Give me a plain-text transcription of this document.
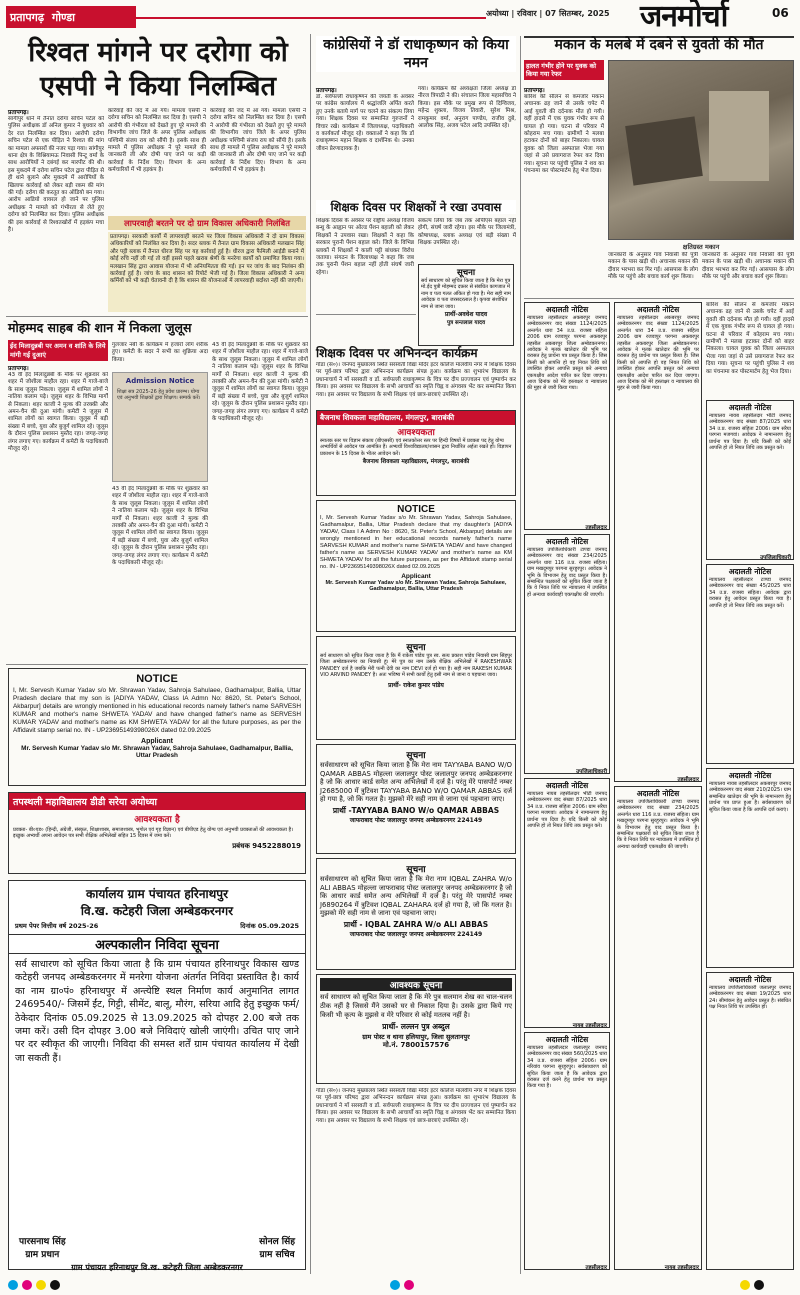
प्रतापगढ़ गोण्डा	अयोध्या | रविवार | 07 सितम्बर, 2025	जनमोर्चा	06
रिश्वत मांगने पर दरोगा को एसपी ने किया निलम्बित
प्रतापगढ़।
सांगीपुर थाने में तैनात दरोगा सचिन पटेल को पुलिस अधीक्षक डॉ अनिल कुमार ने बुधवार को देर रात निलम्बित कर दिया। आरोपी दरोगा सचिन पटेल से एक पीड़ित ने रिश्वत की मांग का मामला अफसरों की नजर पड़ा गया। सांगीपुर थाना क्षेत्र के विश्नियामऊ निवासी पिन्टू वर्मा के साथ आरोपियों ने दबंगई कर मारपीट की थी। इस मुकदमे में दरोगा सचिन पटेल द्वारा पीड़ित से ही थाने बुलाने और मुकदमे में आरोपियों के खिलाफ कार्रवाई को लेकर बड़ी रकम की मांग की गई। दरोगा की करतूत का ऑडियो बन गया। आरोप आडियो वायरल हो जाने पर पुलिस अधीक्षक ने मामले को गंभीरता से लेते हुए दरोगा को निलम्बित कर दिया। पुलिस अधीक्षक की इस कार्रवाई से रिश्वतखोरों में हड़कंप मचा है।
कार्रवाई की जद में आ गये। मामला एसपी ने दरोगा सचिन को निलम्बित कर दिया है। एसपी ने आरोपी की गंभीरता को देखते हुए पूरे मामले की विभागीय जांच जिले के अपर पुलिस अधीक्षक पश्चिमी संजय राय को सौंपी है। इसके साथ ही मामले में पुलिस अधीक्षक ने पूरे मामले की जानकारी ली और दोषी पाए जाने पर कड़ी कार्रवाई के निर्देश दिए। विभाग के अन्य कर्मचारियों में भी हड़कंप है।
कार्रवाई की जद में आ गये। मामला एसपी ने दरोगा सचिन को निलम्बित कर दिया है। एसपी ने आरोपी की गंभीरता को देखते हुए पूरे मामले की विभागीय जांच जिले के अपर पुलिस अधीक्षक पश्चिमी संजय राय को सौंपी है। इसके साथ ही मामले में पुलिस अधीक्षक ने पूरे मामले की जानकारी ली और दोषी पाए जाने पर कड़ी कार्रवाई के निर्देश दिए। विभाग के अन्य कर्मचारियों में भी हड़कंप है।
लापरवाही बरतने पर दो ग्राम विकास अधिकारी निलंबित
प्रतापगढ़। सरकारी कार्यों में लापरवाही बरतने पर जिला विकास अधिकारी ने दो ग्राम विकास अधिकारियों को निलंबित कर दिया है। सदर ब्लाक में तैनात ग्राम विकास अधिकारी मलखान सिंह और पट्टी ब्लाक में तैनात धीरज सिंह पर यह कार्रवाई हुई है। धीरज द्वारा फैमिली आईडी बनाने में कोई रुचि नहीं ली गई तो वहीं इससे पहले खराब श्रेणी के मनरेगा कार्यों को प्रमाणित किया गया। मलखान सिंह द्वारा आवास योजना में भी अनियमितता की गई। इन पर जांच के बाद निलंबन की कार्रवाई हुई है। जांच के बाद शासन को रिपोर्ट भेजी गई है। जिला विकास अधिकारी ने अन्य कर्मियों को भी कड़ी चेतावनी दी है कि शासन की योजनाओं में लापरवाही बर्दाश्त नहीं की जाएगी।
मोहम्मद साहब की शान में निकला जुलूस
ईद मिलादुन्नबी पर अमन व शांति के लिये मांगी गई दुआएं
प्रतापगढ़।
43 वीं ईद मिलादुन्नबी के मौके पर शुक्रवार को शहर में जोशीला माहौल रहा। शहर में गाजे-बाजे के साथ जुलूस निकला। जुलूस में शामिल लोगों ने नातिया कलाम पढ़े। जुलूस शहर के विभिन्न मार्गों से निकला। शहर काजी ने मुल्क की तरक्की और अमन-चैन की दुआ मांगी। कमेटी ने जुलूस में शामिल लोगों का स्वागत किया। जुलूस में बड़ी संख्या में बच्चे, युवा और बुजुर्ग शामिल रहे। जुलूस के दौरान पुलिस प्रशासन मुस्तैद रहा। जगह-जगह लंगर लगाए गए। कार्यक्रम में कमेटी के पदाधिकारी मौजूद रहे।
गुलजार नबी के कार्यक्रम में हजारों लोग शरीक हुए। कमेटी के सदर ने सभी का शुक्रिया अदा किया।
Admission Notice
शिक्षा सत्र 2025-26 हेतु प्रवेश प्रारम्भ। योग्य एवं अनुभवी शिक्षकों द्वारा शिक्षण। सम्पर्क करें।
43 वीं ईद मिलादुन्नबी के मौके पर शुक्रवार को शहर में जोशीला माहौल रहा। शहर में गाजे-बाजे के साथ जुलूस निकला। जुलूस में शामिल लोगों ने नातिया कलाम पढ़े। जुलूस शहर के विभिन्न मार्गों से निकला। शहर काजी ने मुल्क की तरक्की और अमन-चैन की दुआ मांगी। कमेटी ने जुलूस में शामिल लोगों का स्वागत किया। जुलूस में बड़ी संख्या में बच्चे, युवा और बुजुर्ग शामिल रहे। जुलूस के दौरान पुलिस प्रशासन मुस्तैद रहा। जगह-जगह लंगर लगाए गए। कार्यक्रम में कमेटी के पदाधिकारी मौजूद रहे।
43 वीं ईद मिलादुन्नबी के मौके पर शुक्रवार को शहर में जोशीला माहौल रहा। शहर में गाजे-बाजे के साथ जुलूस निकला। जुलूस में शामिल लोगों ने नातिया कलाम पढ़े। जुलूस शहर के विभिन्न मार्गों से निकला। शहर काजी ने मुल्क की तरक्की और अमन-चैन की दुआ मांगी। कमेटी ने जुलूस में शामिल लोगों का स्वागत किया। जुलूस में बड़ी संख्या में बच्चे, युवा और बुजुर्ग शामिल रहे। जुलूस के दौरान पुलिस प्रशासन मुस्तैद रहा। जगह-जगह लंगर लगाए गए। कार्यक्रम में कमेटी के पदाधिकारी मौजूद रहे।
NOTICE
I, Mr. Servesh Kumar Yadav s/o Mr. Shrawan Yadav, Sahroja Sahulaee, Gadhamalpur, Ballia, Uttar Pradesh declare that my son is [ADIYA YADAV, Class IA Admn No: 8620, St. Peter's School, Akbarpur] details are wrongly mentioned in his educational records namely father's name SARVESH KUMAR and mother's name SHWETA YADAV and have changed father's name as SERVESH KUMAR YADAV and mother's name as KM SHWETA YADAV for all the future purposes, as per the Affidavit stamp serial no. IN - UP23695149398026X dated 02.09.2025
Applicant
Mr. Servesh Kumar Yadav s/o Mr. Shrawan Yadav, Sahroja Sahulaee, Gadhamalpur, Ballia, Uttar Pradesh
तपस्थली महाविद्यालय डीडी सरेया अयोध्या
आवश्यकता है
प्रवक्ता- बी०एड० (हिन्दी, अंग्रेजी, संस्कृत, शिक्षाशास्त्र, समाजशास्त्र, भूगोल एवं गृह विज्ञान) एवं बीपीएड हेतु योग्य एवं अनुभवी प्रवक्ताओं की आवश्यकता है। इच्छुक अभ्यर्थी अपना आवेदन पत्र सभी शैक्षिक अभिलेखों सहित 15 दिवस में जमा करें।
प्रबंधक 9452288019
कार्यालय ग्राम पंचायत हरिनाथपुर
वि.ख. कटेहरी जिला अम्बेडकरनगर
प्रथम पेपर वित्तीय वर्ष 2025-26	दिनांक 05.09.2025
अल्पकालीन निविदा सूचना
सर्व साधारण को सूचित किया जाता है कि ग्राम पंचायत हरिनाथपुर विकास खण्ड कटेहरी जनपद अम्बेडकरनगर में मनरेगा योजना अंतर्गत निविदा प्रस्तावित है। कार्य का नाम ग्रा०पं० हरिनाथपुर में अन्त्येष्टि स्थल निर्माण कार्य अनुमानित लागत 2469540/- जिसमें ईंट, गिट्टी, सीमेंट, बालू, मौरंग, सरिया आदि हेतु इच्छुक फर्म/ठेकेदार दिनांक 05.09.2025 से 13.09.2025 को दोपहर 2.00 बजे तक जमा करें। उसी दिन दोपहर 3.00 बजे निविदाएं खोली जाएंगी। उचित पाए जाने पर दर स्वीकृत की जाएगी। निविदा की समस्त शर्तें ग्राम पंचायत कार्यालय में देखी जा सकती हैं।
पारसनाथ सिंह
ग्राम प्रधान
सोनल सिंह
ग्राम सचिव
ग्राम पंचायत हरिनाथपुर वि.ख. कटेहरी जिला अम्बेडकरनगर
कांग्रेसियों ने डॉ राधाकृष्णन को किया नमन
प्रतापगढ़।
डॉ. सर्वपल्ली राधाकृष्णन की जयंती के अवसर पर कांग्रेस कार्यालय में श्रद्धांजलि अर्पित करते हुए उनके बताये मार्ग पर चलने का संकल्प लिया गया। शिक्षक दिवस पर सम्मानित गुरुजनों ने विचार रखे। कार्यक्रम में जिलाध्यक्ष, पदाधिकारी व कार्यकर्ता मौजूद रहे। वक्ताओं ने कहा कि डॉ राधाकृष्णन महान शिक्षक व दार्शनिक थे। उनका जीवन प्रेरणादायक है।
गया। कार्यक्रम की अध्यक्षता जिला अध्यक्ष डॉ नीरज त्रिपाठी ने की। संचालन जिला महासचिव ने किया। इस मौके पर प्रमुख रूप से दिग्विजय, महेन्द्र शुक्ला, विजय तिवारी, सुरेश मिश्र, रामकुमार वर्मा, अनुराग पाण्डेय, राजीव दुबे, आलोक सिंह, अजय पटेल आदि उपस्थित रहे।
शिक्षक दिवस पर शिक्षकों ने रखा उपवास
शिक्षक दिवस के अवसर पर राष्ट्रीय अध्यक्ष विजय बन्धु के आह्वान पर ओल्ड पेंशन बहाली को लेकर शिक्षकों ने उपवास रखा। शिक्षकों ने कहा कि सरकार पुरानी पेंशन बहाल करे। जिले के विभिन्न ब्लाकों में शिक्षकों ने काली पट्टी बांधकर विरोध जताया। संगठन के जिलाध्यक्ष ने कहा कि जब तक पुरानी पेंशन बहाल नहीं होती संघर्ष जारी रहेगा।
संकल्प लिया कि जब तक ओपीएस बहाल नहीं होगी, संघर्ष जारी रहेगा। इस मौके पर जिलामंत्री, कोषाध्यक्ष, ब्लाक अध्यक्ष एवं बड़ी संख्या में शिक्षक उपस्थित रहे।
सूचना
सर्व साधारण को सूचित किया जाता है कि मेरा पुत्र मो.ईद पुत्री मोहम्मद दफ़्तर से संबंधित कागजात में नाम व पता गलत अंकित हो गया है। मेरा सही नाम आवेदक व पता जरसदरलाल है। कृपया संशोधित नाम से जाना जाय।
प्रार्थी-अवधेश यादव
पुत्र सन्तलाल यादव
शिक्षक दिवस पर अभिनन्दन कार्यक्रम
गोंडा (सं०)। जनपद मुख्यालय स्थित सरस्वती विद्या मंदिर इंटर कॉलेज मालवीय नगर में शिक्षक दिवस पर पूर्व-छात्र परिषद द्वारा अभिनन्दन कार्यक्रम संपन्न हुआ। कार्यक्रम का शुभारंभ विद्यालय के प्रधानाचार्य ने माँ सरस्वती व डॉ. सर्वपल्ली राधाकृष्णन के चित्र पर दीप प्रज्ज्वलन एवं पुष्पार्चन कर किया। इस अवसर पर विद्यालय के सभी आचार्यों का स्मृति चिह्न व अंगवस्त्र भेंट कर सम्मानित किया गया। इस अवसर पर विद्यालय के सभी शिक्षक एवं छात्र-छात्राएं उपस्थित रहे।
बैजनाथ शिवकला महाविद्यालय, मंगलपुर, बाराबंकी
आवश्यकता
स्नातक स्तर पर विज्ञान संकाय (बीएससी) एवं स्नातकोत्तर स्तर पर हिन्दी विषयों में प्रवक्ता पद हेतु योग्य अभ्यर्थियों से आवेदन पत्र आमंत्रित हैं। अभ्यर्थी विश्वविद्यालय/शासन द्वारा निर्धारित अर्हता रखते हों। विज्ञापन प्रकाशन के 15 दिवस के भीतर आवेदन करें।
बैजनाथ शिवकला महाविद्यालय, मंगलपुर, बाराबंकी
NOTICE
I, Mr. Servesh Kumar Yadav s/o Mr. Shrawan Yadav, Sahroja Sahulaee, Gadhamalpur, Ballia, Uttar Pradesh declare that my daughter's [ADIYA YADAV, Class I A Admn No : 8620, St. Peter's School, Akbarpur] details are wrongly mentioned in her educational records namely father's name SARVESH KUMAR and mother's name SHWETA YADAV and have changed father's name as SERVESH KUMAR YADAV and mother's name as KM SHWETA YADAV for all the future purposes, as per the Affidavit stamp serial no. IN - UP23695149398026X dated 02.09.2025
Applicant
Mr. Servesh Kumar Yadav s/o Mr. Shrawan Yadav, Sahroja Sahulaee, Gadhamalpur, Ballia, Uttar Pradesh
सूचना
सर्व साधारण को सूचित किया जाता है कि मैं राकेश पांडेय पुत्र स्व. सत्य प्रकाश पांडेय निवासी ग्राम सिंहपुर जिला अम्बेडकरनगर का निवासी हूं। मेरे पुत्र का नाम उसके शैक्षिक अभिलेखों में RAKESHWAR PANDEY दर्ज है जबकि मेरी पत्नी देवी का नाम DEVI दर्ज हो गया है। सही नाम RAKESH KUMAR VIO ARVIND PANDEY है। अतः भविष्य में सभी कार्यों हेतु इसी नाम से जाना व पहचाना जाय।
प्रार्थी- राकेश कुमार पांडेय
सूचना
सर्वसाधारण को सूचित किया जाता है कि मेरा नाम TAYYABA BANO W/O QAMAR ABBAS मोहल्ला जलालपुर पोस्ट जलालपुर जनपद अम्बेडकरनगर है जो कि आधार कार्ड समेत अन्य अभिलेखों में दर्ज है। परंतु मेरे पासपोर्ट नम्बर J2685000 में त्रुटिवश TAYYABA BANO W/O QAMAR ABBAS दर्ज हो गया है, जो कि गलत है। मुझको मेरे सही नाम से जाना एवं पहचाना जाए।
प्रार्थी -TAYYABA BANO W/o QAMAR ABBAS
जाफराबाद पोस्ट जलालपुर जनपद अम्बेडकरनगर 224149
सूचना
सर्वसाधारण को सूचित किया जाता है कि मेरा नाम IQBAL ZAHRA W/o ALI ABBAS मोहल्ला जाफराबाद पोस्ट जलालपुर जनपद अम्बेडकरनगर है जो कि आधार कार्ड समेत अन्य अभिलेखों में दर्ज है। परंतु मेरे पासपोर्ट नम्बर J6890264 में त्रुटिवश IQBAL ZAHARA दर्ज हो गया है, जो कि गलत है। मुझको मेरे सही नाम से जाना एवं पहचाना जाए।
प्रार्थी - IQBAL ZAHRA W/o ALI ABBAS
जाफराबाद पोस्ट जलालपुर जनपद अम्बेडकरनगर 224149
आवश्यक सूचना
सर्व साधारण को सूचित किया जाता है कि मेरे पुत्र सलमान शेख का चाल-चलन ठीक नहीं है जिससे मैंने उसको घर से निकाल दिया है। उसके द्वारा किये गए किसी भी कृत्य के मुझसे व मेरे परिवार से कोई मतलब नहीं है।
प्रार्थी- लल्लन पुत्र अब्दुल
ग्राम पोस्ट व थाना हलियापुर, जिला सुलतानपुर
मो.नं. 7800157576
गोंडा (सं०)। जनपद मुख्यालय स्थित सरस्वती विद्या मंदिर इंटर कॉलेज मालवीय नगर में शिक्षक दिवस पर पूर्व-छात्र परिषद द्वारा अभिनन्दन कार्यक्रम संपन्न हुआ। कार्यक्रम का शुभारंभ विद्यालय के प्रधानाचार्य ने माँ सरस्वती व डॉ. सर्वपल्ली राधाकृष्णन के चित्र पर दीप प्रज्ज्वलन एवं पुष्पार्चन कर किया। इस अवसर पर विद्यालय के सभी आचार्यों का स्मृति चिह्न व अंगवस्त्र भेंट कर सम्मानित किया गया। इस अवसर पर विद्यालय के सभी शिक्षक एवं छात्र-छात्राएं उपस्थित रहे।
मकान के मलबे में दबने से युवती की मौत
हालत गंभीर होने पर युवक को किया गया रेफर
प्रतापगढ़।
बारिश की सीलन से कमजोर मकान अचानक ढह जाने से उसके चपेट में आई युवती की दर्दनाक मौत हो गयी। वहीं हादसे में एक युवक गंभीर रूप से घायल हो गया। घटना से परिवार में कोहराम मच गया। ग्रामीणों ने मलबा हटाकर दोनों को बाहर निकाला। घायल युवक को जिला अस्पताल भेजा गया जहां से उसे प्रयागराज रेफर कर दिया गया। सूचना पर पहुंची पुलिस ने शव का पंचनामा कर पोस्टमार्टम हेतु भेज दिया।
क्षतिग्रस्त मकान
जानकारी के अनुसार गांव निवासी की पुत्री मकान के पास खड़ी थी। अचानक मकान की दीवार भरभरा कर गिर गई। आसपास के लोग मौके पर पहुंचे और बचाव कार्य शुरू किया।
जानकारी के अनुसार गांव निवासी की पुत्री मकान के पास खड़ी थी। अचानक मकान की दीवार भरभरा कर गिर गई। आसपास के लोग मौके पर पहुंचे और बचाव कार्य शुरू किया।
अदालती नोटिस
न्यायालय तहसीलदार अकबरपुर जनपद अम्बेडकरनगर वाद संख्या 1124/2025 अन्तर्गत धारा 34 उ.प्र. राजस्व संहिता 2006 ग्राम रजवापुर परगना अकबरपुर तहसील अकबरपुर जिला अम्बेडकरनगर। आवेदक ने मृतक खातेदार की भूमि पर वरासत हेतु प्रार्थना पत्र प्रस्तुत किया है। जिस किसी को आपत्ति हो वह नियत तिथि को उपस्थित होकर आपत्ति प्रस्तुत करे अन्यथा एकपक्षीय आदेश पारित कर दिया जाएगा। आज दिनांक को मेरे हस्ताक्षर व न्यायालय की मुहर से जारी किया गया।
तहसीलदार
अदालती नोटिस
न्यायालय उपजिलाधिकारी टाण्डा जनपद अम्बेडकरनगर वाद संख्या 234/2025 अन्तर्गत धारा 116 उ.प्र. राजस्व संहिता। ग्राम मखदूमपुर परगना सुरहुरपुर। आवेदक ने भूमि के विभाजन हेतु वाद प्रस्तुत किया है। सम्बन्धित पक्षकारों को सूचित किया जाता है कि वे नियत तिथि पर न्यायालय में उपस्थित हों अन्यथा कार्यवाही एकपक्षीय की जाएगी।
उपजिलाधिकारी
अदालती नोटिस
न्यायालय नायब तहसीलदार भीटी जनपद अम्बेडकरनगर वाद संख्या 87/2025 धारा 34 उ.प्र. राजस्व संहिता 2006। ग्राम सरैया परगना मजगवां। आवेदक ने नामान्तरण हेतु प्रार्थना पत्र दिया है। यदि किसी को कोई आपत्ति हो तो नियत तिथि तक प्रस्तुत करे।
नायब तहसीलदार
अदालती नोटिस
न्यायालय तहसीलदार जलालपुर जनपद अम्बेडकरनगर वाद संख्या 560/2025 धारा 34 उ.प्र. राजस्व संहिता 2006। ग्राम नरियांव परगना सुरहुरपुर। सर्वसाधारण को सूचित किया जाता है कि आवेदक द्वारा वरासत दर्ज करने हेतु प्रार्थना पत्र प्रस्तुत किया गया है।
तहसीलदार
अदालती नोटिस
न्यायालय तहसीलदार अकबरपुर जनपद अम्बेडकरनगर वाद संख्या 1124/2025 अन्तर्गत धारा 34 उ.प्र. राजस्व संहिता 2006 ग्राम रजवापुर परगना अकबरपुर तहसील अकबरपुर जिला अम्बेडकरनगर। आवेदक ने मृतक खातेदार की भूमि पर वरासत हेतु प्रार्थना पत्र प्रस्तुत किया है। जिस किसी को आपत्ति हो वह नियत तिथि को उपस्थित होकर आपत्ति प्रस्तुत करे अन्यथा एकपक्षीय आदेश पारित कर दिया जाएगा। आज दिनांक को मेरे हस्ताक्षर व न्यायालय की मुहर से जारी किया गया।
तहसीलदार
अदालती नोटिस
न्यायालय उपजिलाधिकारी टाण्डा जनपद अम्बेडकरनगर वाद संख्या 234/2025 अन्तर्गत धारा 116 उ.प्र. राजस्व संहिता। ग्राम मखदूमपुर परगना सुरहुरपुर। आवेदक ने भूमि के विभाजन हेतु वाद प्रस्तुत किया है। सम्बन्धित पक्षकारों को सूचित किया जाता है कि वे नियत तिथि पर न्यायालय में उपस्थित हों अन्यथा कार्यवाही एकपक्षीय की जाएगी।
नायब तहसीलदार
बारिश की सीलन से कमजोर मकान अचानक ढह जाने से उसके चपेट में आई युवती की दर्दनाक मौत हो गयी। वहीं हादसे में एक युवक गंभीर रूप से घायल हो गया। घटना से परिवार में कोहराम मच गया। ग्रामीणों ने मलबा हटाकर दोनों को बाहर निकाला। घायल युवक को जिला अस्पताल भेजा गया जहां से उसे प्रयागराज रेफर कर दिया गया। सूचना पर पहुंची पुलिस ने शव का पंचनामा कर पोस्टमार्टम हेतु भेज दिया।
अदालती नोटिस
न्यायालय नायब तहसीलदार भीटी जनपद अम्बेडकरनगर वाद संख्या 87/2025 धारा 34 उ.प्र. राजस्व संहिता 2006। ग्राम सरैया परगना मजगवां। आवेदक ने नामान्तरण हेतु प्रार्थना पत्र दिया है। यदि किसी को कोई आपत्ति हो तो नियत तिथि तक प्रस्तुत करे।
उपजिलाधिकारी
अदालती नोटिस
न्यायालय तहसीलदार टाण्डा जनपद अम्बेडकरनगर वाद संख्या 45/2025 धारा 34 उ.प्र. राजस्व संहिता। आवेदक द्वारा वरासत हेतु आवेदन प्रस्तुत किया गया है। आपत्ति हो तो नियत तिथि तक प्रस्तुत करें।
अदालती नोटिस
न्यायालय नायब तहसीलदार अकबरपुर जनपद अम्बेडकरनगर वाद संख्या 210/2025। ग्राम सम्बन्धित खातेदार की भूमि के नामान्तरण हेतु प्रार्थना पत्र प्राप्त हुआ है। सर्वसाधारण को सूचित किया जाता है कि आपत्ति दर्ज कराएं।
अदालती नोटिस
न्यायालय उपजिलाधिकारी जलालपुर जनपद अम्बेडकरनगर वाद संख्या 19/2025 धारा 24। सीमांकन हेतु आवेदन प्रस्तुत है। संबंधित पक्ष नियत तिथि पर उपस्थित हों।
